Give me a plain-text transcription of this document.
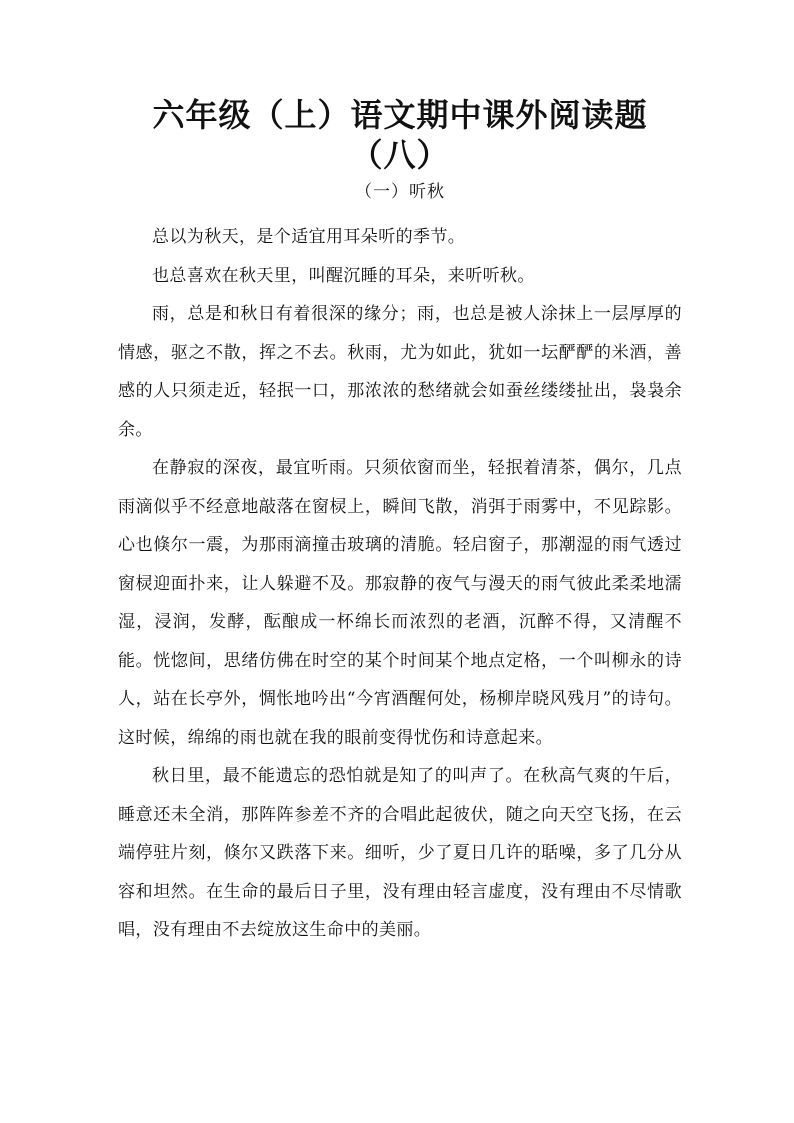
六年级（上）语文期中课外阅读题（八）
（一）听秋

总以为秋天，是个适宜用耳朵听的季节。

也总喜欢在秋天里，叫醒沉睡的耳朵，来听听秋。

雨，总是和秋日有着很深的缘分；雨，也总是被人涂抹上一层厚厚的情感，驱之不散，挥之不去。秋雨，尤为如此，犹如一坛酽酽的米酒，善感的人只须走近，轻抿一口，那浓浓的愁绪就会如蚕丝缕缕扯出，袅袅余余。

在静寂的深夜，最宜听雨。只须依窗而坐，轻抿着清茶，偶尔，几点雨滴似乎不经意地敲落在窗棂上，瞬间飞散，消弭于雨雾中，不见踪影。心也倏尔一震，为那雨滴撞击玻璃的清脆。轻启窗子，那潮湿的雨气透过窗棂迎面扑来，让人躲避不及。那寂静的夜气与漫天的雨气彼此柔柔地濡湿，浸润，发酵，酝酿成一杯绵长而浓烈的老酒，沉醉不得，又清醒不能。恍惚间，思绪仿佛在时空的某个时间某个地点定格，一个叫柳永的诗人，站在长亭外，惆怅地吟出“今宵酒醒何处，杨柳岸晓风残月”的诗句。这时候，绵绵的雨也就在我的眼前变得忧伤和诗意起来。

秋日里，最不能遗忘的恐怕就是知了的叫声了。在秋高气爽的午后，睡意还未全消，那阵阵参差不齐的合唱此起彼伏，随之向天空飞扬，在云端停驻片刻，倏尔又跌落下来。细听，少了夏日几许的聒噪，多了几分从容和坦然。在生命的最后日子里，没有理由轻言虚度，没有理由不尽情歌唱，没有理由不去绽放这生命中的美丽。
